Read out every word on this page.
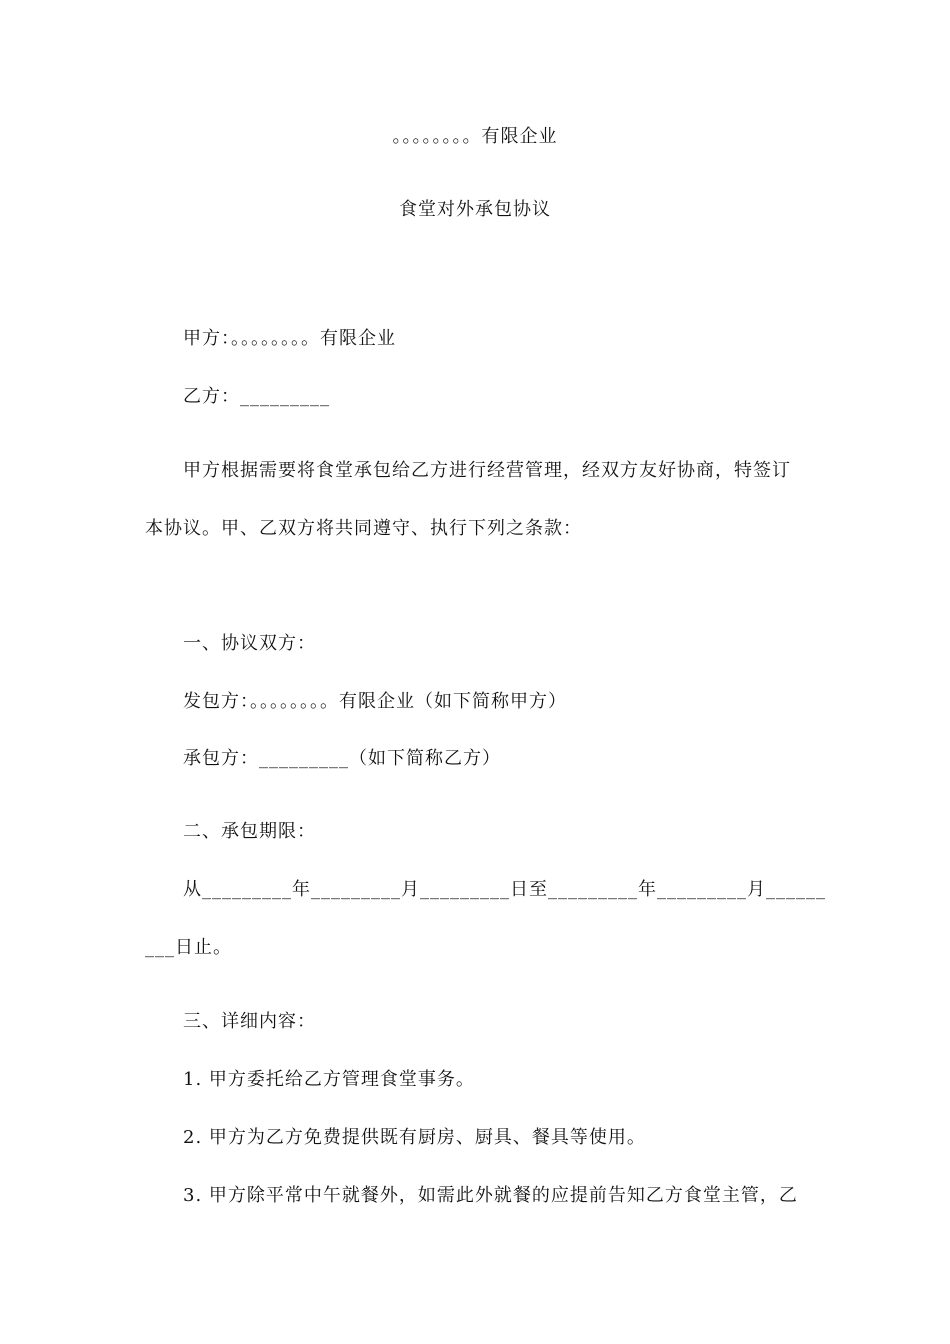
。。。。。。。。有限企业
食堂对外承包协议
甲方：。。。。。。。。有限企业
乙方：_________
甲方根据需要将食堂承包给乙方进行经营管理，经双方友好协商，特签订
本协议。甲、乙双方将共同遵守、执行下列之条款：
一、协议双方：
发包方：。。。。。。。。有限企业（如下简称甲方）
承包方：_________（如下简称乙方）
二、承包期限：
从_________年_________月_________日至_________年_________月______
___日止。
三、详细内容：
1. 甲方委托给乙方管理食堂事务。
2. 甲方为乙方免费提供既有厨房、厨具、餐具等使用。
3. 甲方除平常中午就餐外，如需此外就餐的应提前告知乙方食堂主管，乙
